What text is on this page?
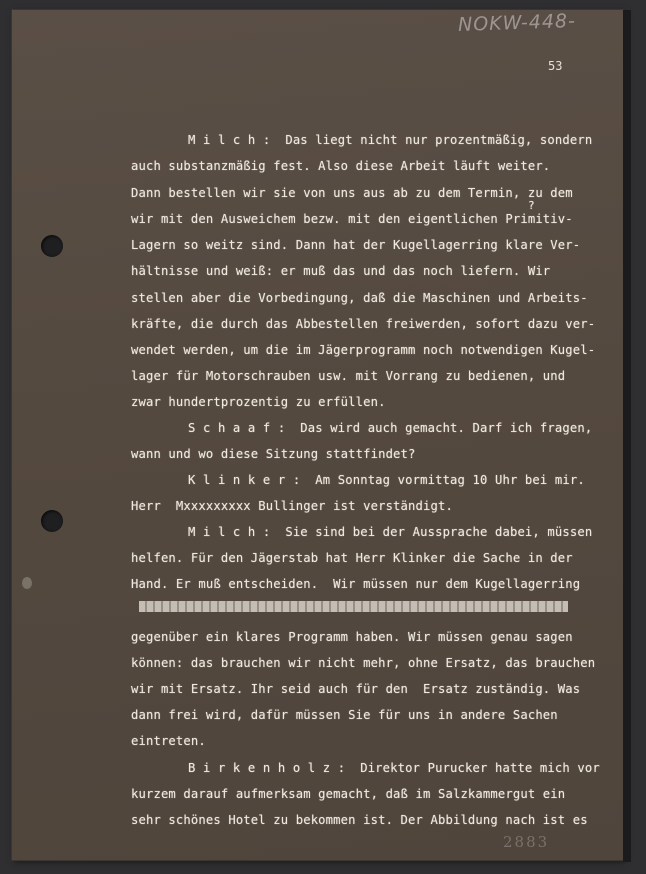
NOKW-448-
53
M i l c h :  Das liegt nicht nur prozentmäßig, sondern
auch substanzmäßig fest. Also diese Arbeit läuft weiter.
Dann bestellen wir sie von uns aus ab zu dem Termin, zu dem
?
wir mit den Ausweichem bezw. mit den eigentlichen Primitiv-
Lagern so weitz sind. Dann hat der Kugellagerring klare Ver-
hältnisse und weiß: er muß das und das noch liefern. Wir
stellen aber die Vorbedingung, daß die Maschinen und Arbeits-
kräfte, die durch das Abbestellen freiwerden, sofort dazu ver-
wendet werden, um die im Jägerprogramm noch notwendigen Kugel-
lager für Motorschrauben usw. mit Vorrang zu bedienen, und
zwar hundertprozentig zu erfüllen.
S c h a a f :  Das wird auch gemacht. Darf ich fragen,
wann und wo diese Sitzung stattfindet?
K l i n k e r :  Am Sonntag vormittag 10 Uhr bei mir.
Herr  Mxxxxxxxxx Bullinger ist verständigt.
M i l c h :  Sie sind bei der Aussprache dabei, müssen
helfen. Für den Jägerstab hat Herr Klinker die Sache in der
Hand. Er muß entscheiden.  Wir müssen nur dem Kugellagerring
gegenüber ein klares Programm haben. Wir müssen genau sagen
können: das brauchen wir nicht mehr, ohne Ersatz, das brauchen
wir mit Ersatz. Ihr seid auch für den  Ersatz zuständig. Was
dann frei wird, dafür müssen Sie für uns in andere Sachen
eintreten.
B i r k e n h o l z :  Direktor Purucker hatte mich vor
kurzem darauf aufmerksam gemacht, daß im Salzkammergut ein
sehr schönes Hotel zu bekommen ist. Der Abbildung nach ist es
2883
